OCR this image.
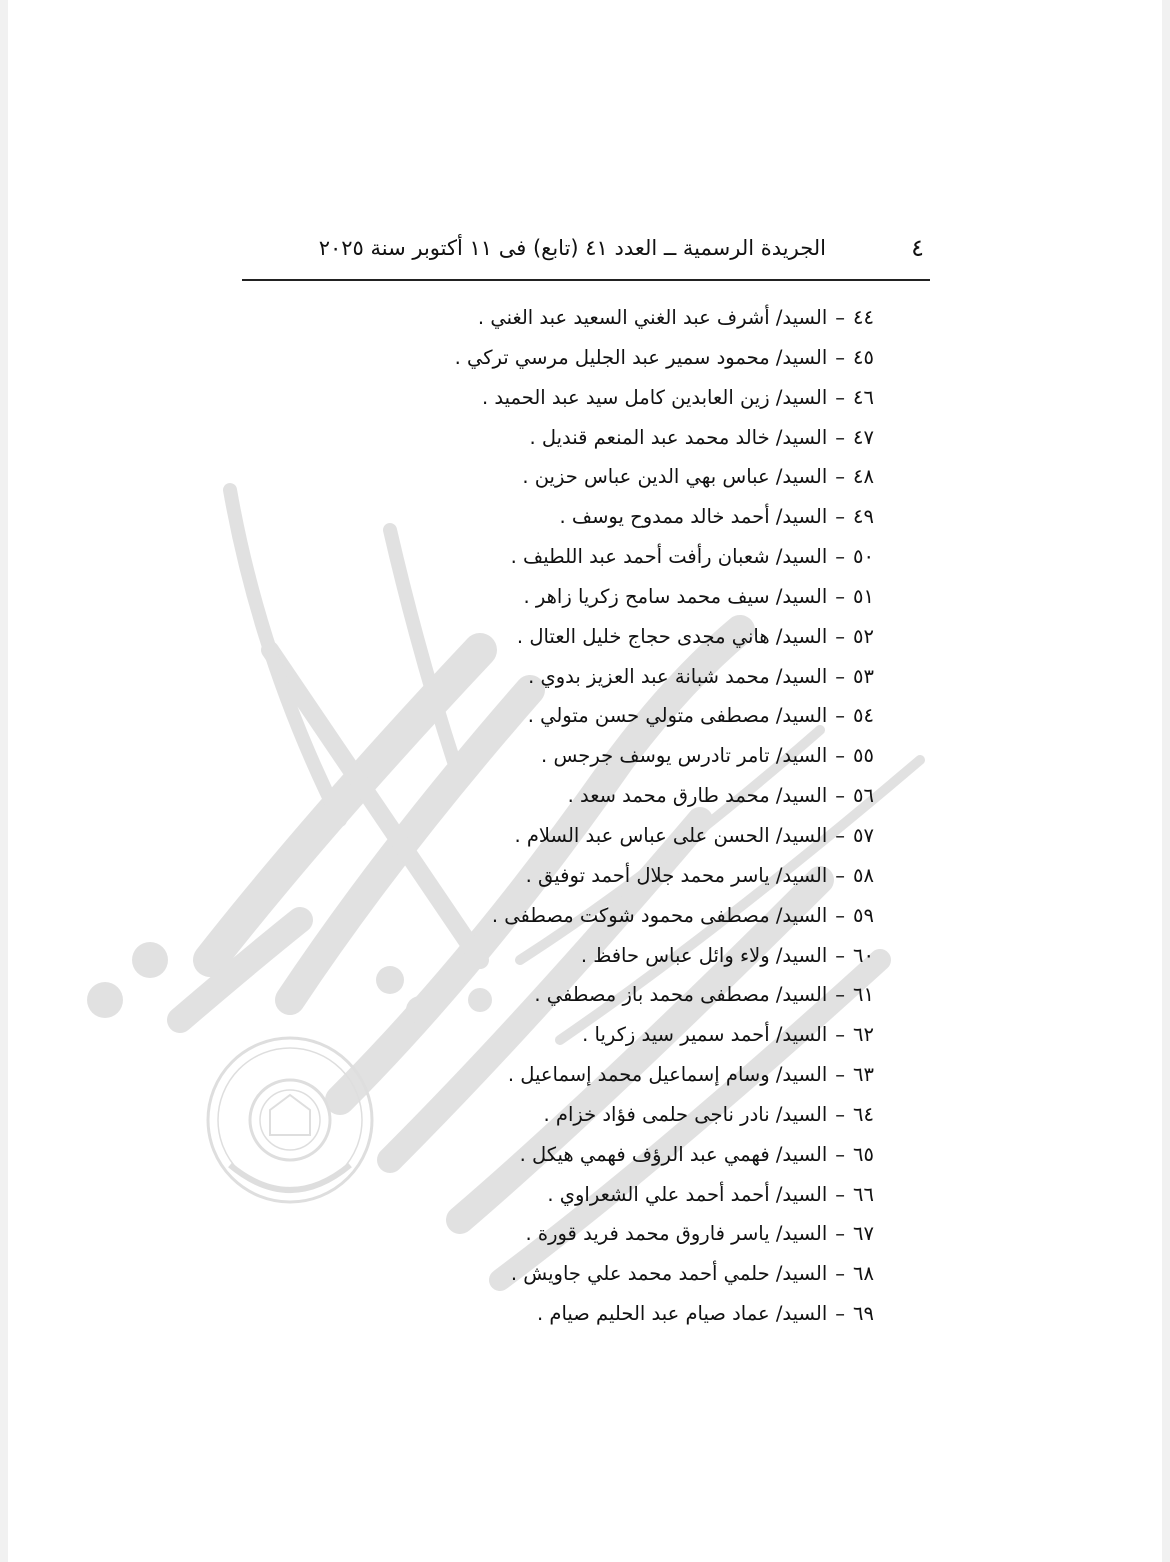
٤
الجريدة الرسمية ــ العدد ٤١ (تابع) فى ١١ أكتوبر سنة ٢٠٢٥
٤٤–السيد/ أشرف عبد الغني السعيد عبد الغني .
٤٥–السيد/ محمود سمير عبد الجليل مرسي تركي .
٤٦–السيد/ زين العابدين كامل سيد عبد الحميد .
٤٧–السيد/ خالد محمد عبد المنعم قنديل .
٤٨–السيد/ عباس بهي الدين عباس حزين .
٤٩–السيد/ أحمد خالد ممدوح يوسف .
٥٠–السيد/ شعبان رأفت أحمد عبد اللطيف .
٥١–السيد/ سيف محمد سامح زكريا زاهر .
٥٢–السيد/ هاني مجدى حجاج خليل العتال .
٥٣–السيد/ محمد شبانة عبد العزيز بدوي .
٥٤–السيد/ مصطفى متولي حسن متولي .
٥٥–السيد/ تامر تادرس يوسف جرجس .
٥٦–السيد/ محمد طارق محمد سعد .
٥٧–السيد/ الحسن على عباس عبد السلام .
٥٨–السيد/ ياسر محمد جلال أحمد توفيق .
٥٩–السيد/ مصطفى محمود شوكت مصطفى .
٦٠–السيد/ ولاء وائل عباس حافظ .
٦١–السيد/ مصطفى محمد باز مصطفي .
٦٢–السيد/ أحمد سمير سيد زكريا .
٦٣–السيد/ وسام إسماعيل محمد إسماعيل .
٦٤–السيد/ نادر ناجى حلمى فؤاد خزام .
٦٥–السيد/ فهمي عبد الرؤف فهمي هيكل .
٦٦–السيد/ أحمد أحمد علي الشعراوي .
٦٧–السيد/ ياسر فاروق محمد فريد قورة .
٦٨–السيد/ حلمي أحمد محمد علي جاويش .
٦٩–السيد/ عماد صيام عبد الحليم صيام .
